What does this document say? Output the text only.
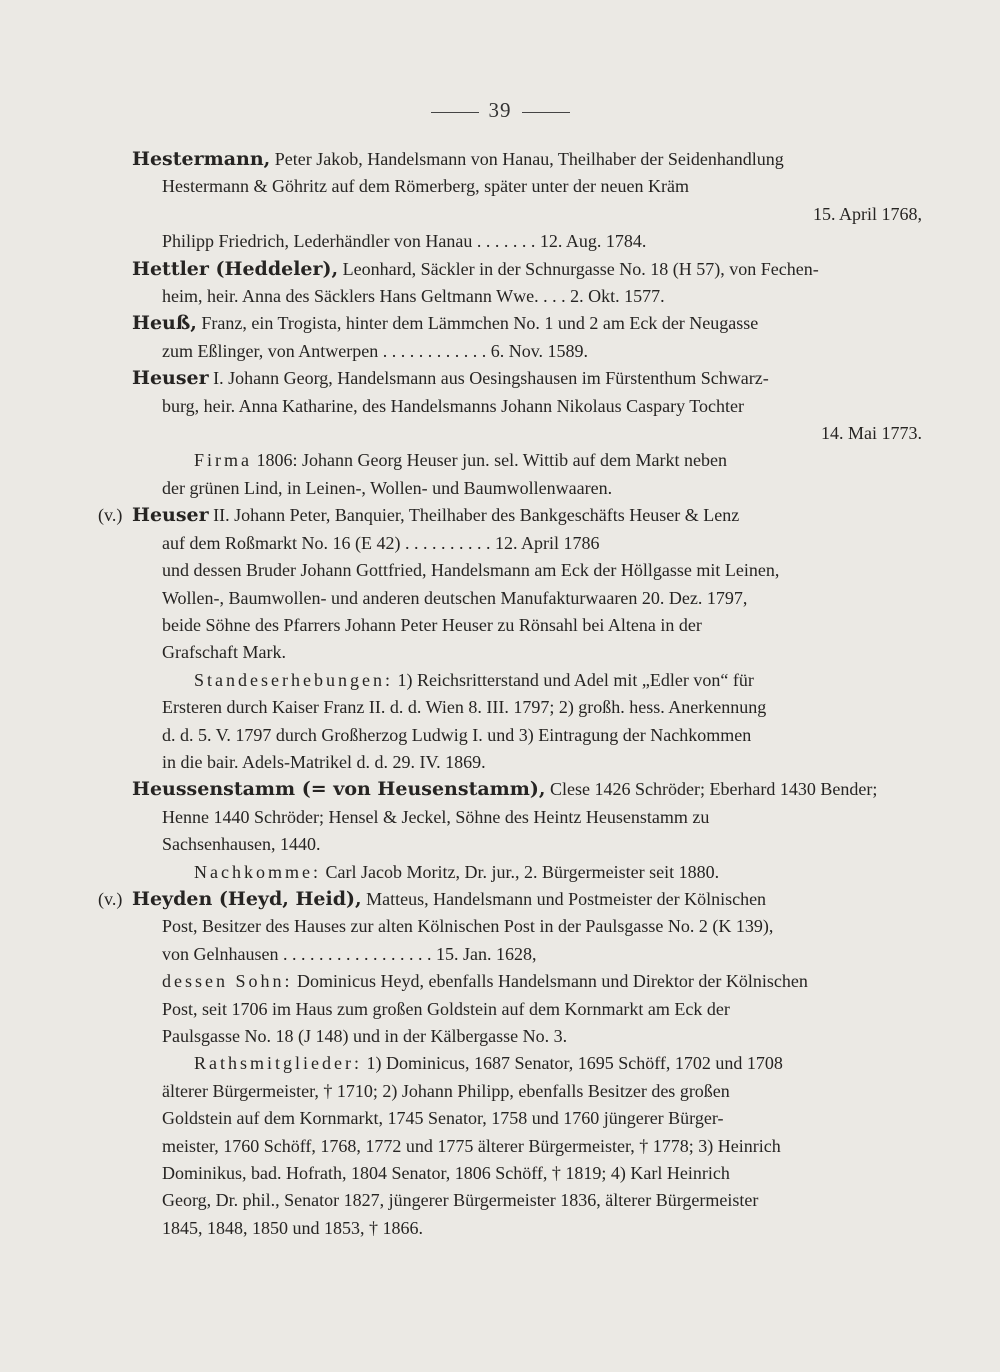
39
Hestermann, Peter Jakob, Handelsmann von Hanau, Theilhaber der Seidenhandlung
Hestermann & Göhritz auf dem Römerberg, später unter der neuen Kräm
15. April 1768,
Philipp Friedrich, Lederhändler von Hanau . . . . . . . 12. Aug. 1784.
Hettler (Heddeler), Leonhard, Säckler in der Schnurgasse No. 18 (H 57), von Fechen-
heim, heir. Anna des Säcklers Hans Geltmann Wwe. . . . 2. Okt. 1577.
Heuß, Franz, ein Trogista, hinter dem Lämmchen No. 1 und 2 am Eck der Neugasse
zum Eßlinger, von Antwerpen . . . . . . . . . . . . 6. Nov. 1589.
Heuser I. Johann Georg, Handelsmann aus Oesingshausen im Fürstenthum Schwarz-
burg, heir. Anna Katharine, des Handelsmanns Johann Nikolaus Caspary Tochter
14. Mai 1773.
Firma 1806: Johann Georg Heuser jun. sel. Wittib auf dem Markt neben
der grünen Lind, in Leinen-, Wollen- und Baumwollenwaaren.
(v.) Heuser II. Johann Peter, Banquier, Theilhaber des Bankgeschäfts Heuser & Lenz
auf dem Roßmarkt No. 16 (E 42) . . . . . . . . . . 12. April 1786
und dessen Bruder Johann Gottfried, Handelsmann am Eck der Höllgasse mit Leinen,
Wollen-, Baumwollen- und anderen deutschen Manufakturwaaren 20. Dez. 1797,
beide Söhne des Pfarrers Johann Peter Heuser zu Rönsahl bei Altena in der
Grafschaft Mark.
Standeserhebungen: 1) Reichsritterstand und Adel mit „Edler von“ für
Ersteren durch Kaiser Franz II. d. d. Wien 8. III. 1797; 2) großh. hess. Anerkennung
d. d. 5. V. 1797 durch Großherzog Ludwig I. und 3) Eintragung der Nachkommen
in die bair. Adels-Matrikel d. d. 29. IV. 1869.
Heussenstamm (= von Heusenstamm), Clese 1426 Schröder; Eberhard 1430 Bender;
Henne 1440 Schröder; Hensel & Jeckel, Söhne des Heintz Heusenstamm zu
Sachsenhausen, 1440.
Nachkomme: Carl Jacob Moritz, Dr. jur., 2. Bürgermeister seit 1880.
(v.) Heyden (Heyd, Heid), Matteus, Handelsmann und Postmeister der Kölnischen
Post, Besitzer des Hauses zur alten Kölnischen Post in der Paulsgasse No. 2 (K 139),
von Gelnhausen . . . . . . . . . . . . . . . . . 15. Jan. 1628,
dessen Sohn: Dominicus Heyd, ebenfalls Handelsmann und Direktor der Kölnischen
Post, seit 1706 im Haus zum großen Goldstein auf dem Kornmarkt am Eck der
Paulsgasse No. 18 (J 148) und in der Kälbergasse No. 3.
Rathsmitglieder: 1) Dominicus, 1687 Senator, 1695 Schöff, 1702 und 1708
älterer Bürgermeister, † 1710; 2) Johann Philipp, ebenfalls Besitzer des großen
Goldstein auf dem Kornmarkt, 1745 Senator, 1758 und 1760 jüngerer Bürger-
meister, 1760 Schöff, 1768, 1772 und 1775 älterer Bürgermeister, † 1778; 3) Heinrich
Dominikus, bad. Hofrath, 1804 Senator, 1806 Schöff, † 1819; 4) Karl Heinrich
Georg, Dr. phil., Senator 1827, jüngerer Bürgermeister 1836, älterer Bürgermeister
1845, 1848, 1850 und 1853, † 1866.
